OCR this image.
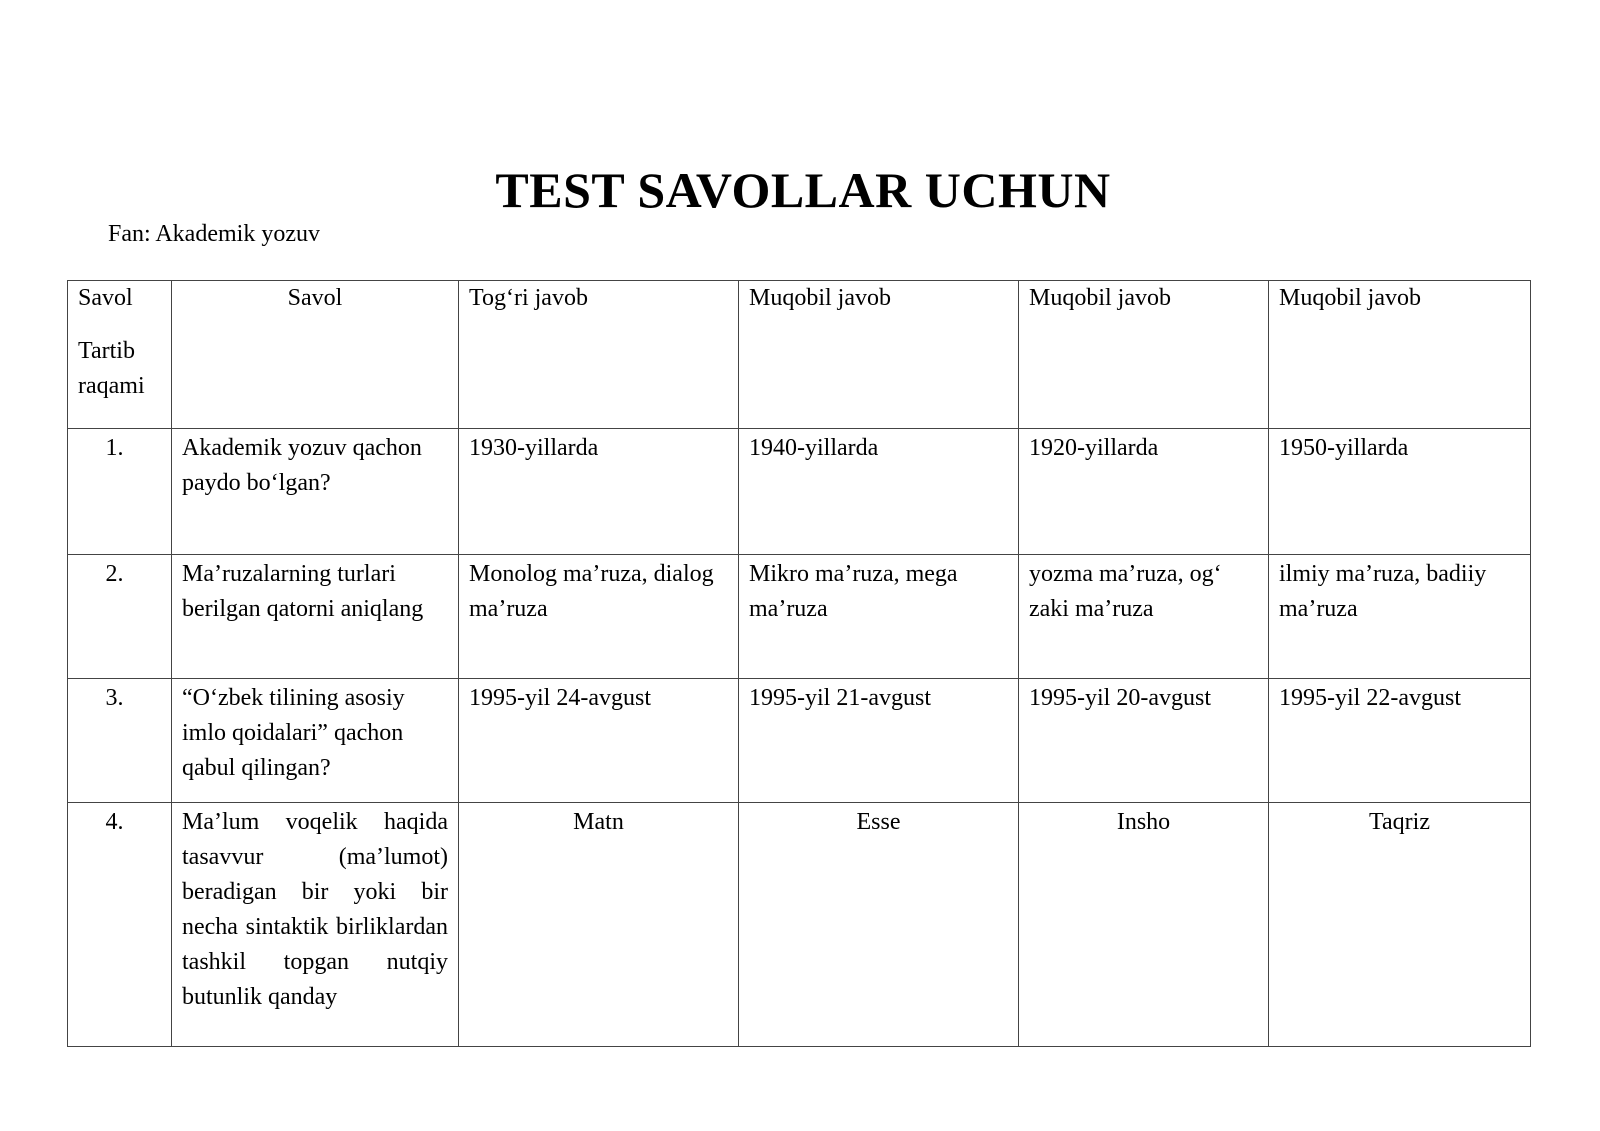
TEST SAVOLLAR UCHUN
Fan: Akademik yozuv
Savol
Tartib raqami	Savol	Tog‘ri javob	Muqobil javob	Muqobil javob	Muqobil javob
1.	Akademik yozuv qachon paydo bo‘lgan?	1930-yillarda	1940-yillarda	1920-yillarda	1950-yillarda
2.	Ma’ruzalarning turlari berilgan qatorni aniqlang	Monolog ma’ruza, dialog ma’ruza	Mikro ma’ruza, mega ma’ruza	yozma ma’ruza, og‘ zaki ma’ruza	ilmiy ma’ruza, badiiy ma’ruza
3.	“O‘zbek tilining asosiy imlo qoidalari” qachon qabul qilingan?	1995-yil 24-avgust	1995-yil 21-avgust	1995-yil 20-avgust	1995-yil 22-avgust
4.	Ma’lum voqelik haqida tasavvur (ma’lumot) beradigan bir yoki bir necha sintaktik birliklardan tashkil topgan nutqiy butunlik qanday	Matn	Esse	Insho	Taqriz
